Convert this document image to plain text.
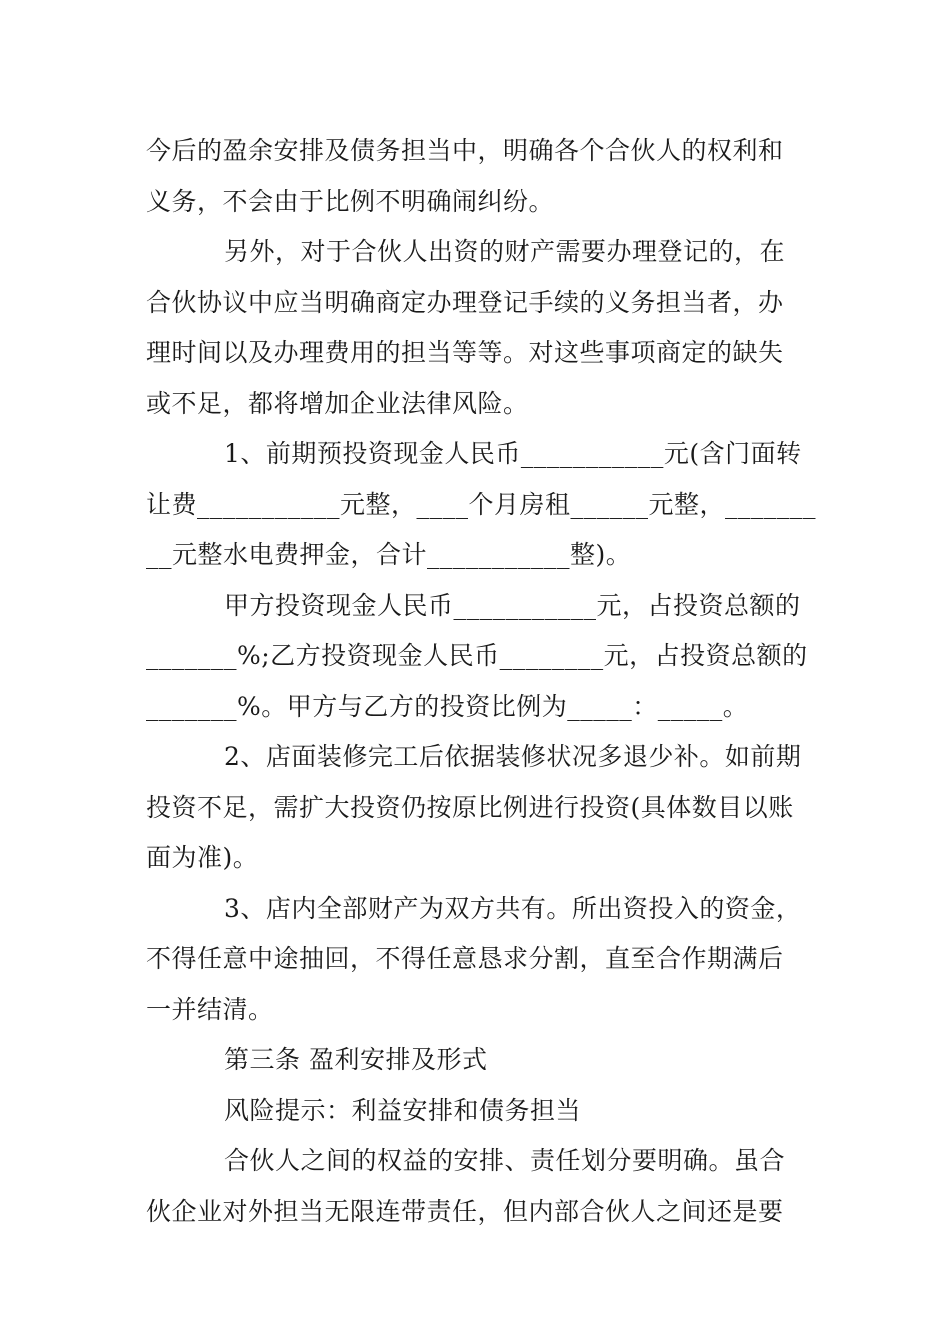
今后的盈余安排及债务担当中，明确各个合伙人的权利和
义务，不会由于比例不明确闹纠纷。
另外，对于合伙人出资的财产需要办理登记的，在
合伙协议中应当明确商定办理登记手续的义务担当者，办
理时间以及办理费用的担当等等。对这些事项商定的缺失
或不足，都将增加企业法律风险。
1、前期预投资现金人民币___________元(含门面转
让费___________元整，____个月房租______元整，_______
__元整水电费押金，合计___________整)。
甲方投资现金人民币___________元，占投资总额的
_______%;乙方投资现金人民币________元，占投资总额的
_______%。甲方与乙方的投资比例为_____：_____。
2、店面装修完工后依据装修状况多退少补。如前期
投资不足，需扩大投资仍按原比例进行投资(具体数目以账
面为准)。
3、店内全部财产为双方共有。所出资投入的资金，
不得任意中途抽回，不得任意恳求分割，直至合作期满后
一并结清。
第三条 盈利安排及形式
风险提示：利益安排和债务担当
合伙人之间的权益的安排、责任划分要明确。虽合
伙企业对外担当无限连带责任，但内部合伙人之间还是要
